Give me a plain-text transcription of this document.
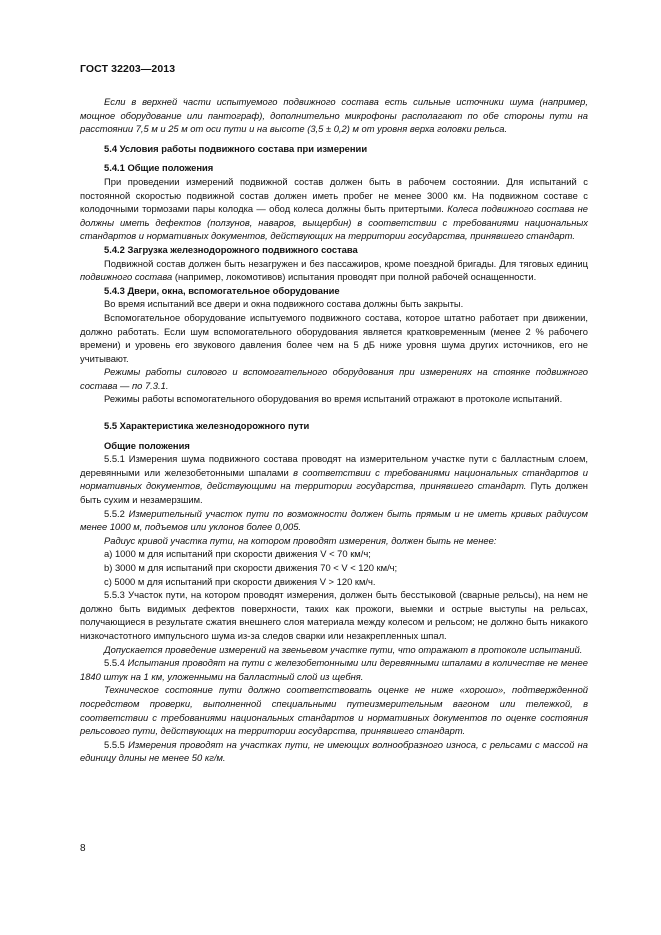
ГОСТ 32203—2013

Если в верхней части испытуемого подвижного состава есть сильные источники шума (например, мощное оборудование или пантограф), дополнительно микрофоны располагают по обе стороны пути на расстоянии 7,5 м и 25 м от оси пути и на высоте (3,5 ± 0,2) м от уровня верха головки рельса.

5.4 Условия работы подвижного состава при измерении

5.4.1 Общие положения

При проведении измерений подвижной состав должен быть в рабочем состоянии. Для испытаний с постоянной скоростью подвижной состав должен иметь пробег не менее 3000 км. На подвижном составе с колодочными тормозами пары колодка — обод колеса должны быть притертыми. Колеса подвижного состава не должны иметь дефектов (ползунов, наваров, выщербин) в соответствии с требованиями национальных стандартов и нормативных документов, действующих на территории государства, принявшего стандарт.

5.4.2 Загрузка железнодорожного подвижного состава

Подвижной состав должен быть незагружен и без пассажиров, кроме поездной бригады. Для тяговых единиц подвижного состава (например, локомотивов) испытания проводят при полной рабочей оснащенности.

5.4.3 Двери, окна, вспомогательное оборудование

Во время испытаний все двери и окна подвижного состава должны быть закрыты.

Вспомогательное оборудование испытуемого подвижного состава, которое штатно работает при движении, должно работать. Если шум вспомогательного оборудования является кратковременным (менее 2 % рабочего времени) и уровень его звукового давления более чем на 5 дБ ниже уровня шума других источников, его не учитывают.

Режимы работы силового и вспомогательного оборудования при измерениях на стоянке подвижного состава — по 7.3.1.

Режимы работы вспомогательного оборудования во время испытаний отражают в протоколе испытаний.

5.5 Характеристика железнодорожного пути

Общие положения

5.5.1 Измерения шума подвижного состава проводят на измерительном участке пути с балластным слоем, деревянными или железобетонными шпалами в соответствии с требованиями национальных стандартов и нормативных документов, действующими на территории государства, принявшего стандарт. Путь должен быть сухим и незамерзшим.

5.5.2 Измерительный участок пути по возможности должен быть прямым и не иметь кривых радиусом менее 1000 м, подъемов или уклонов более 0,005.

Радиус кривой участка пути, на котором проводят измерения, должен быть не менее:

а) 1000 м для испытаний при скорости движения V < 70 км/ч;

b) 3000 м для испытаний при скорости движения 70 < V < 120 км/ч;

с) 5000 м для испытаний при скорости движения V > 120 км/ч.

5.5.3 Участок пути, на котором проводят измерения, должен быть бесстыковой (сварные рельсы), на нем не должно быть видимых дефектов поверхности, таких как прожоги, выемки и острые выступы на рельсах, получающиеся в результате сжатия внешнего слоя материала между колесом и рельсом; не должно быть никакого низкочастотного импульсного шума из-за следов сварки или незакрепленных шпал.

Допускается проведение измерений на звеньевом участке пути, что отражают в протоколе испытаний.

5.5.4 Испытания проводят на пути с железобетонными или деревянными шпалами в количестве не менее 1840 штук на 1 км, уложенными на балластный слой из щебня.

Техническое состояние пути должно соответствовать оценке не ниже «хорошо», подтвержденной посредством проверки, выполненной специальными путеизмерительным вагоном или тележкой, в соответствии с требованиями национальных стандартов и нормативных документов по оценке состояния рельсового пути, действующих на территории государства, принявшего стандарт.

5.5.5 Измерения проводят на участках пути, не имеющих волнообразного износа, с рельсами с массой на единицу длины не менее 50 кг/м.

8
